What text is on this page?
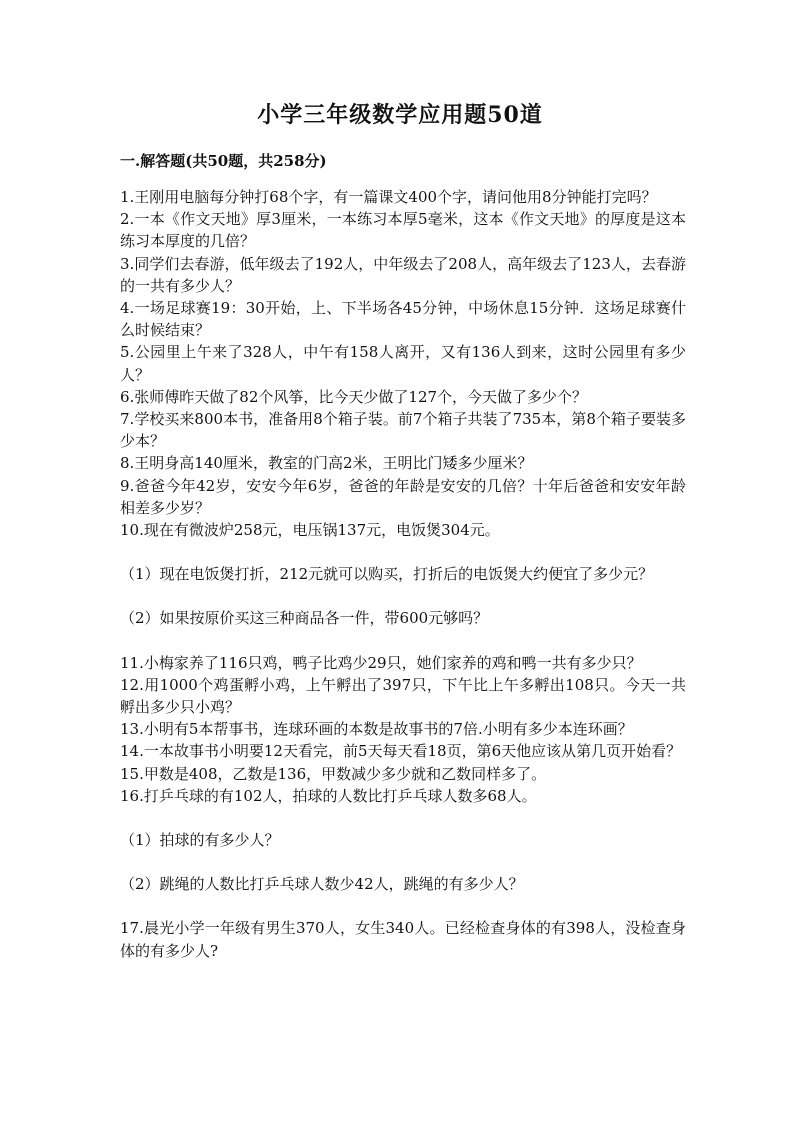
小学三年级数学应用题50道
一.解答题(共50题，共258分)

1.王刚用电脑每分钟打68个字，有一篇课文400个字，请问他用8分钟能打完吗？

2.一本《作文天地》厚3厘米，一本练习本厚5毫米，这本《作文天地》的厚度是这本练习本厚度的几倍？

3.同学们去春游，低年级去了192人，中年级去了208人，高年级去了123人，去春游的一共有多少人？

4.一场足球赛19：30开始，上、下半场各45分钟，中场休息15分钟．这场足球赛什么时候结束？

5.公园里上午来了328人，中午有158人离开，又有136人到来，这时公园里有多少人？

6.张师傅昨天做了82个风筝，比今天少做了127个，今天做了多少个？

7.学校买来800本书，准备用8个箱子装。前7个箱子共装了735本，第8个箱子要装多少本？

8.王明身高140厘米，教室的门高2米，王明比门矮多少厘米？

9.爸爸今年42岁，安安今年6岁，爸爸的年龄是安安的几倍？十年后爸爸和安安年龄相差多少岁？

10.现在有微波炉258元，电压锅137元，电饭煲304元。

（1）现在电饭煲打折，212元就可以购买，打折后的电饭煲大约便宜了多少元？

（2）如果按原价买这三种商品各一件，带600元够吗？

11.小梅家养了116只鸡，鸭子比鸡少29只，她们家养的鸡和鸭一共有多少只？

12.用1000个鸡蛋孵小鸡，上午孵出了397只，下午比上午多孵出108只。今天一共孵出多少只小鸡？

13.小明有5本帮事书，连球环画的本数是故事书的7倍.小明有多少本连环画？

14.一本故事书小明要12天看完，前5天每天看18页，第6天他应该从第几页开始看？

15.甲数是408，乙数是136，甲数减少多少就和乙数同样多了。

16.打乒乓球的有102人，拍球的人数比打乒乓球人数多68人。

（1）拍球的有多少人？

（2）跳绳的人数比打乒乓球人数少42人，跳绳的有多少人？

17.晨光小学一年级有男生370人，女生340人。已经检查身体的有398人，没检查身体的有多少人?
